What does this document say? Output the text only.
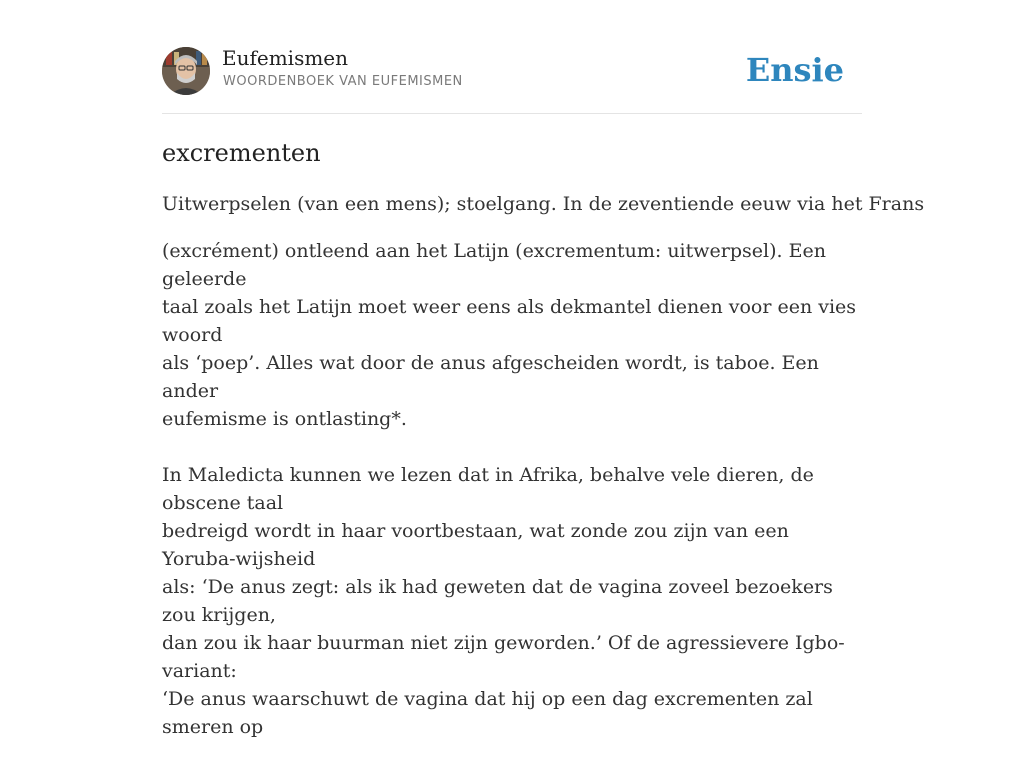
Eufemismen
WOORDENBOEK VAN EUFEMISMEN	Ensie
excrementen
Uitwerpselen (van een mens); stoelgang. In de zeventiende eeuw via het Frans

(excrément) ontleend aan het Latijn (excrementum: uitwerpsel). Een geleerde
taal zoals het Latijn moet weer eens als dekmantel dienen voor een vies woord
als ‘poep’. Alles wat door de anus afgescheiden wordt, is taboe. Een ander
eufemisme is ontlasting*.

In Maledicta kunnen we lezen dat in Afrika, behalve vele dieren, de obscene taal
bedreigd wordt in haar voortbestaan, wat zonde zou zijn van een Yoruba-wijsheid
als: ‘De anus zegt: als ik had geweten dat de vagina zoveel bezoekers zou krijgen,
dan zou ik haar buurman niet zijn geworden.’ Of de agressievere Igbo-variant:
‘De anus waarschuwt de vagina dat hij op een dag excrementen zal smeren op
